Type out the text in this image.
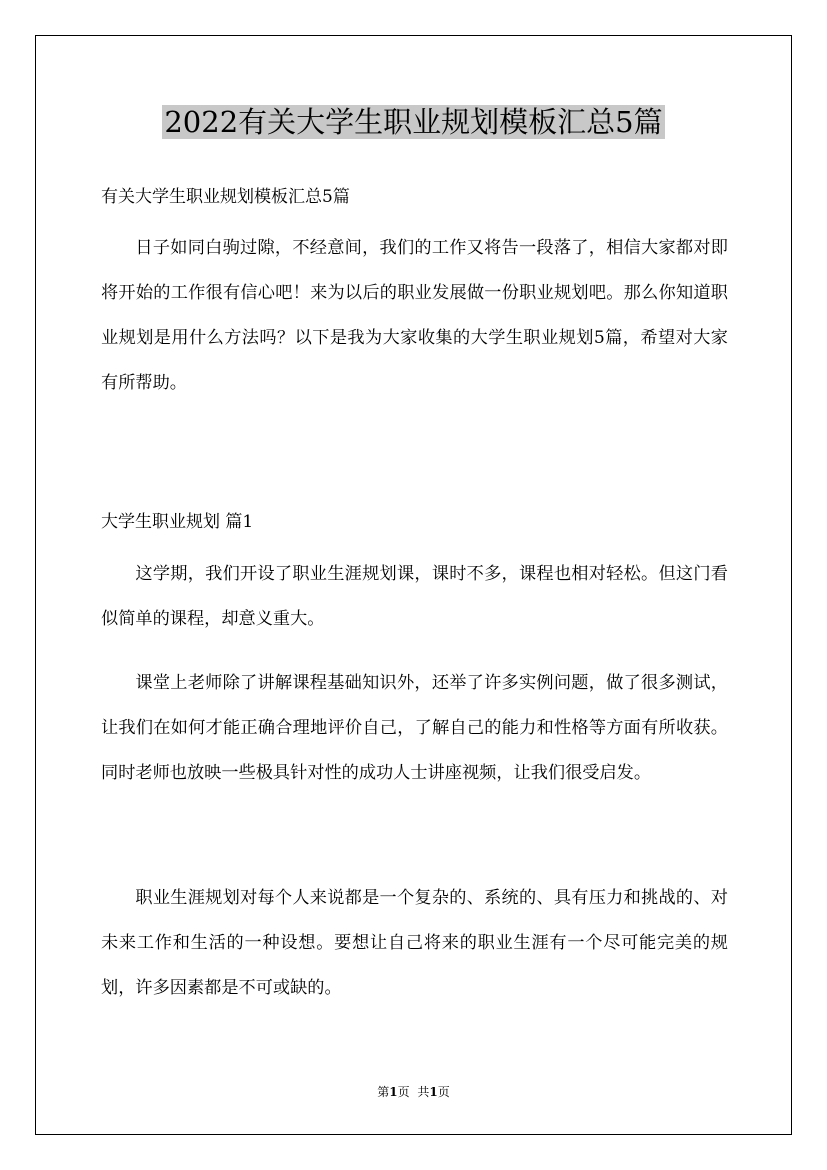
2022有关大学生职业规划模板汇总5篇
有关大学生职业规划模板汇总5篇

日子如同白驹过隙，不经意间，我们的工作又将告一段落了，相信大家都对即将开始的工作很有信心吧！来为以后的职业发展做一份职业规划吧。那么你知道职业规划是用什么方法吗？以下是我为大家收集的大学生职业规划5篇，希望对大家有所帮助。

大学生职业规划 篇1

这学期，我们开设了职业生涯规划课，课时不多，课程也相对轻松。但这门看似简单的课程，却意义重大。

课堂上老师除了讲解课程基础知识外，还举了许多实例问题，做了很多测试，让我们在如何才能正确合理地评价自己，了解自己的能力和性格等方面有所收获。同时老师也放映一些极具针对性的成功人士讲座视频，让我们很受启发。

职业生涯规划对每个人来说都是一个复杂的、系统的、具有压力和挑战的、对未来工作和生活的一种设想。要想让自己将来的职业生涯有一个尽可能完美的规划，许多因素都是不可或缺的。

第1页 共1页
